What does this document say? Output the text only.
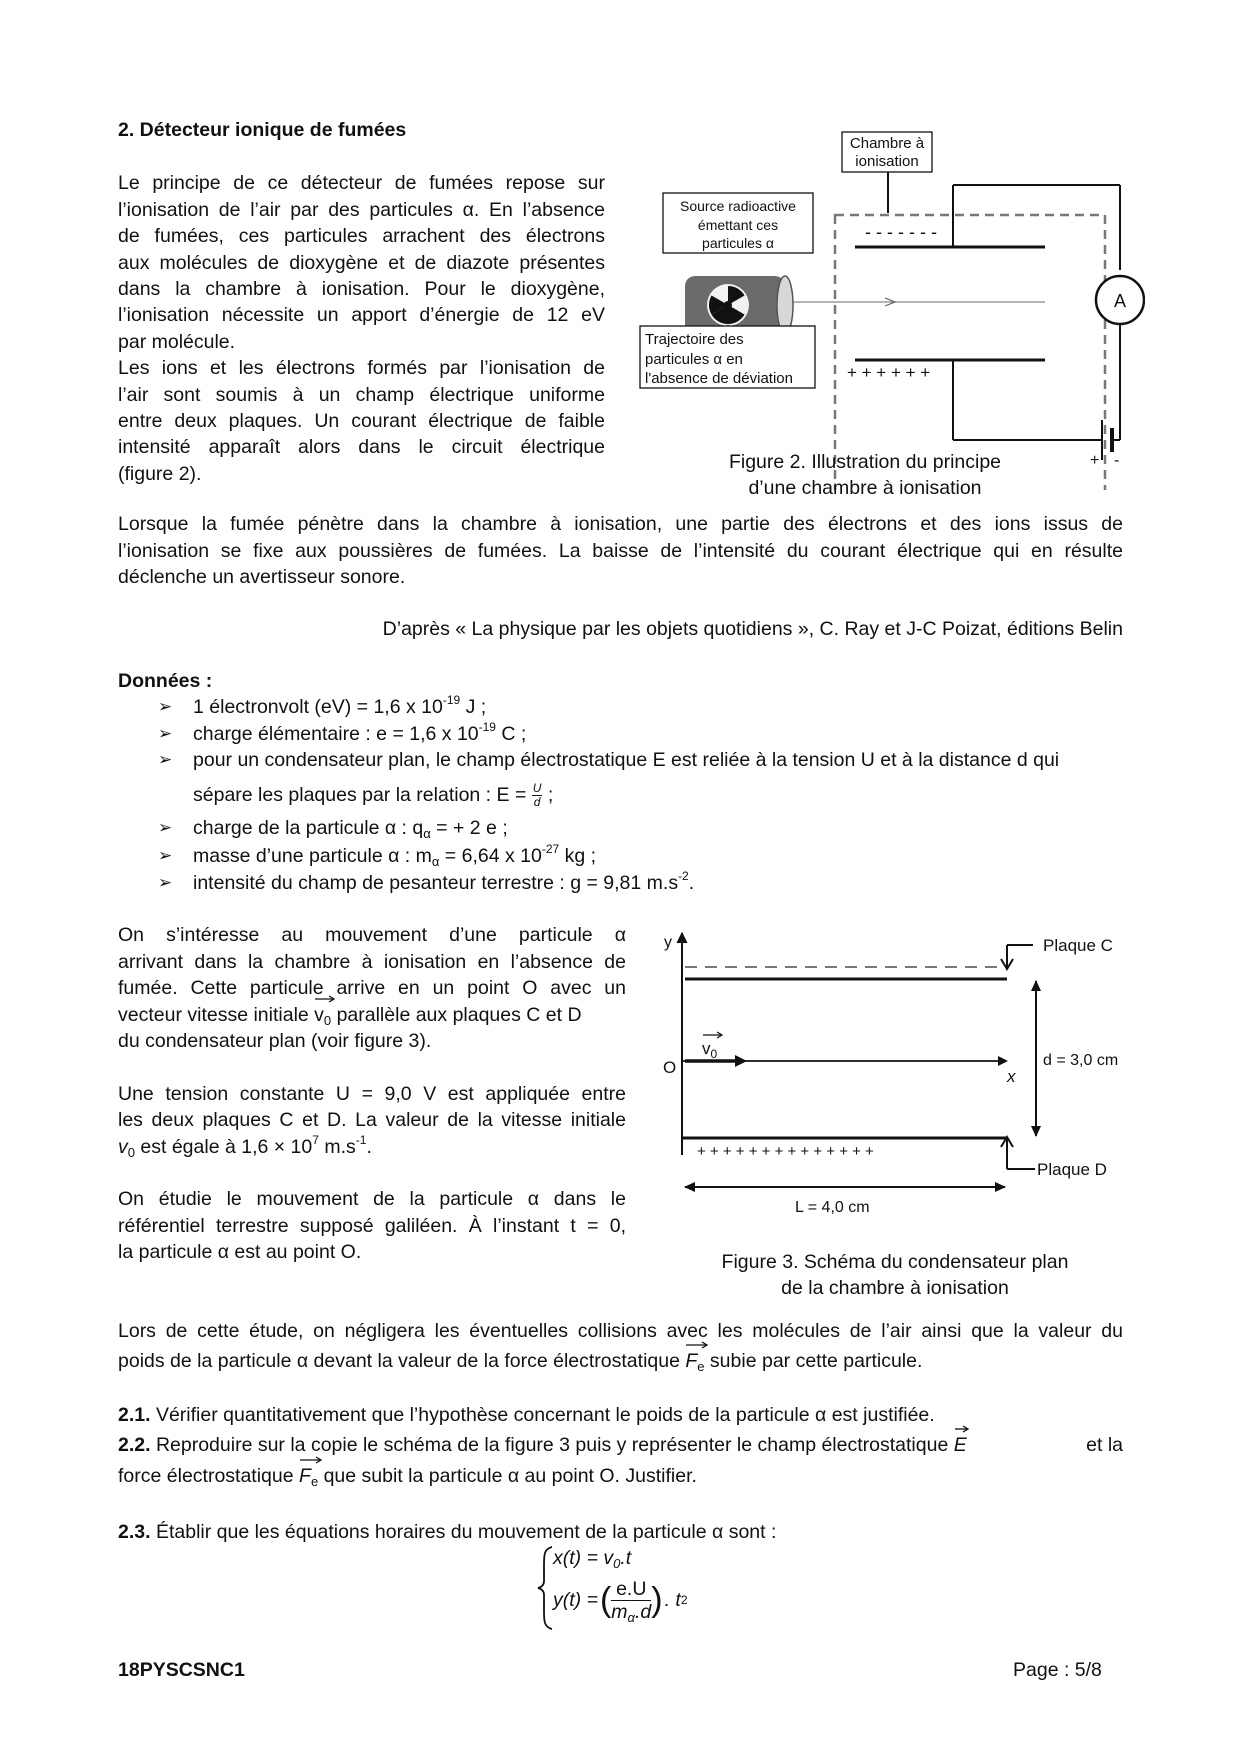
2. Détecteur ionique de fumées
Le principe de ce détecteur de fumées repose sur
l’ionisation de l’air par des particules α. En l’absence
de fumées, ces particules arrachent des électrons
aux molécules de dioxygène et de diazote présentes
dans la chambre à ionisation. Pour le dioxygène,
l’ionisation nécessite un apport d’énergie de 12 eV
par molécule.
Les ions et les électrons formés par l’ionisation de
l’air sont soumis à un champ électrique uniforme
entre deux plaques. Un courant électrique de faible
intensité apparaît alors dans le circuit électrique
(figure 2).
- - - - - - -
+ + + + + +
A
+ -
Chambre à
ionisation
Source radioactive
émettant ces
particules α
Trajectoire des
particules α en
l'absence de déviation
Figure 2. Illustration du principe
d’une chambre à ionisation
Lorsque la fumée pénètre dans la chambre à ionisation, une partie des électrons et des ions issus de
l’ionisation se fixe aux poussières de fumées. La baisse de l’intensité du courant électrique qui en résulte
déclenche un avertisseur sonore.
D’après « La physique par les objets quotidiens », C. Ray et J-C Poizat, éditions Belin
Données :
➢ 1 électronvolt (eV) = 1,6 x $10^{-19}$ J ;
➢ charge élémentaire : e = 1,6 x $10^{-19}$ C ;
➢ pour un condensateur plan, le champ électrostatique E est reliée à la tension U et à la distance d qui
sépare les plaques par la relation : $E = \frac{U}{d}$ ;
➢ charge de la particule α : $q_\alpha$ = + 2 e ;
➢ masse d’une particule α : $m_\alpha = 6,64$ x $10^{-27}$ kg ;
➢ intensité du champ de pesanteur terrestre : g = 9,81 $m.s^{-2}$.
On s’intéresse au mouvement d’une particule α
arrivant dans la chambre à ionisation en l’absence de
fumée. Cette particule arrive en un point O avec un
vecteur vitesse initiale
$v_0$ parallèle aux plaques C et D
du condensateur plan (voir figure 3).
Une tension constante U = 9,0 V est appliquée entre
les deux plaques C et D. La valeur de la vitesse initiale
$v_0$ est égale à $1,6 \times 10^7$ $m.s^{-1}$.
On étudie le mouvement de la particule α dans le
référentiel terrestre supposé galiléen. À l’instant t = 0,
la particule α est au point O.
y	Plaque C
x
O
$v_0$
+ + + + + + + + + + + + + +
Plaque D
d = 3,0 cm
L = 4,0 cm
Figure 3. Schéma du condensateur plan
de la chambre à ionisation
Lors de cette étude, on négligera les éventuelles collisions avec les molécules de l’air ainsi que la valeur du
poids de la particule α devant la valeur de la force électrostatique
$F_e$ subie par cette particule.
2.1. Vérifier quantitativement que l’hypothèse concernant le poids de la particule α est justifiée.
2.2. Reproduire sur la copie le schéma de la figure 3 puis y représenter le champ électrostatique
E	et la
force électrostatique
$F_e$ que subit la particule α au point O. Justifier.
2.3. Établir que les équations horaires du mouvement de la particule α sont :
$x(t) = v_0.t$
y(t) = ( $\frac{e.U}{m_\alpha.d}$ ) . t 2
18PYSCSNC1	Page : 5/8
